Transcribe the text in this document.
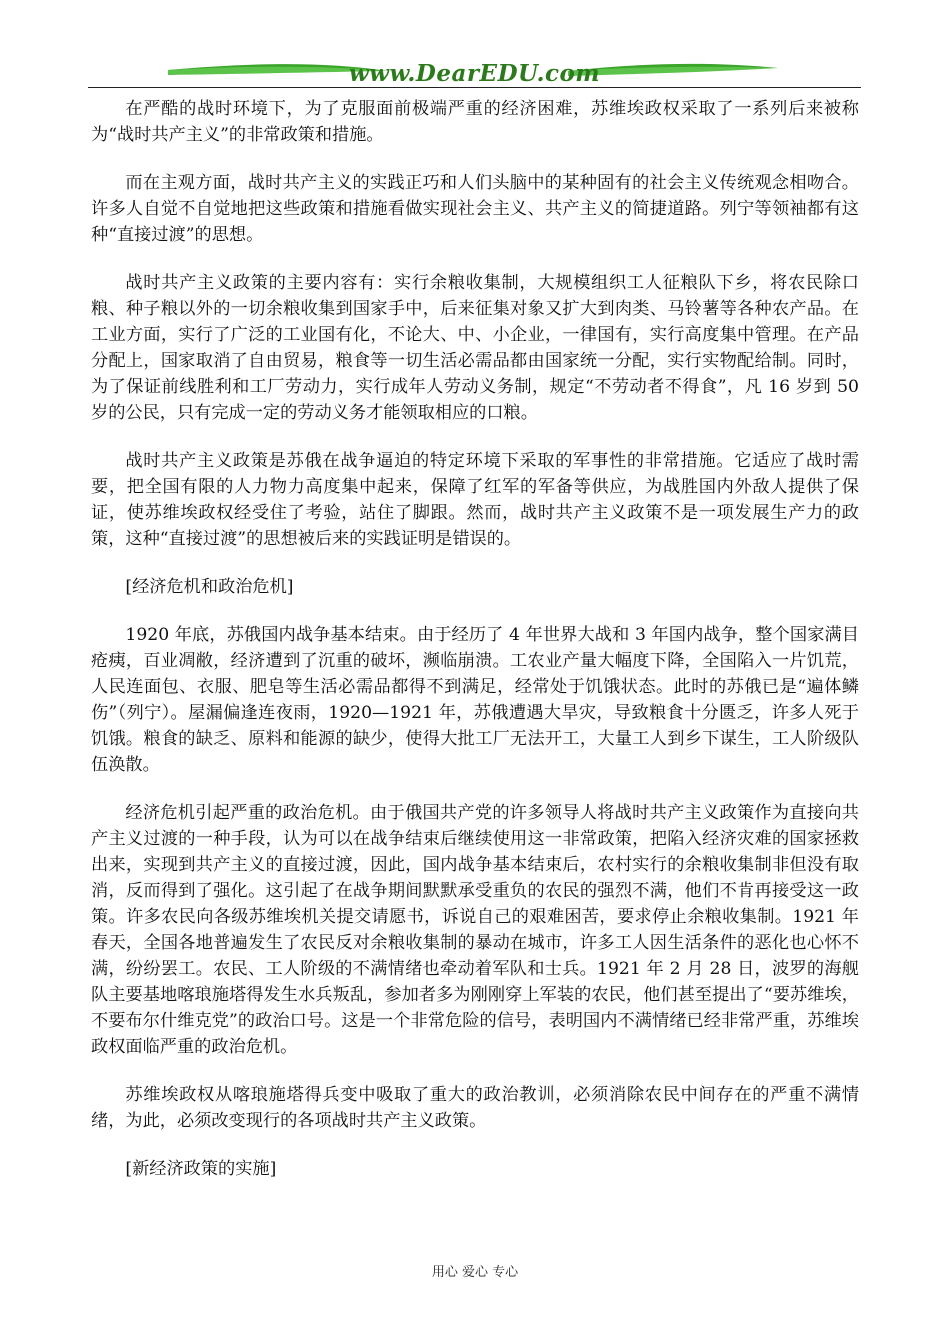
www.DearEDU.com

在严酷的战时环境下，为了克服面前极端严重的经济困难，苏维埃政权采取了一系列后来被称为“战时共产主义”的非常政策和措施。

而在主观方面，战时共产主义的实践正巧和人们头脑中的某种固有的社会主义传统观念相吻合。许多人自觉不自觉地把这些政策和措施看做实现社会主义、共产主义的简捷道路。列宁等领袖都有这种“直接过渡”的思想。

战时共产主义政策的主要内容有：实行余粮收集制，大规模组织工人征粮队下乡，将农民除口粮、种子粮以外的一切余粮收集到国家手中，后来征集对象又扩大到肉类、马铃薯等各种农产品。在工业方面，实行了广泛的工业国有化，不论大、中、小企业，一律国有，实行高度集中管理。在产品分配上，国家取消了自由贸易，粮食等一切生活必需品都由国家统一分配，实行实物配给制。同时，为了保证前线胜利和工厂劳动力，实行成年人劳动义务制，规定“不劳动者不得食”，凡 16 岁到 50 岁的公民，只有完成一定的劳动义务才能领取相应的口粮。

战时共产主义政策是苏俄在战争逼迫的特定环境下采取的军事性的非常措施。它适应了战时需要，把全国有限的人力物力高度集中起来，保障了红军的军备等供应，为战胜国内外敌人提供了保证，使苏维埃政权经受住了考验，站住了脚跟。然而，战时共产主义政策不是一项发展生产力的政策，这种“直接过渡”的思想被后来的实践证明是错误的。

[经济危机和政治危机]

1920 年底，苏俄国内战争基本结束。由于经历了 4 年世界大战和 3 年国内战争，整个国家满目疮痍，百业凋敝，经济遭到了沉重的破坏，濒临崩溃。工农业产量大幅度下降，全国陷入一片饥荒，人民连面包、衣服、肥皂等生活必需品都得不到满足，经常处于饥饿状态。此时的苏俄已是“遍体鳞伤”（列宁）。屋漏偏逢连夜雨，1920—1921 年，苏俄遭遇大旱灾，导致粮食十分匮乏，许多人死于饥饿。粮食的缺乏、原料和能源的缺少，使得大批工厂无法开工，大量工人到乡下谋生，工人阶级队伍涣散。

经济危机引起严重的政治危机。由于俄国共产党的许多领导人将战时共产主义政策作为直接向共产主义过渡的一种手段，认为可以在战争结束后继续使用这一非常政策，把陷入经济灾难的国家拯救出来，实现到共产主义的直接过渡，因此，国内战争基本结束后，农村实行的余粮收集制非但没有取消，反而得到了强化。这引起了在战争期间默默承受重负的农民的强烈不满，他们不肯再接受这一政策。许多农民向各级苏维埃机关提交请愿书，诉说自己的艰难困苦，要求停止余粮收集制。1921 年春天，全国各地普遍发生了农民反对余粮收集制的暴动在城市，许多工人因生活条件的恶化也心怀不满，纷纷罢工。农民、工人阶级的不满情绪也牵动着军队和士兵。1921 年 2 月 28 日，波罗的海舰队主要基地喀琅施塔得发生水兵叛乱，参加者多为刚刚穿上军装的农民，他们甚至提出了“要苏维埃，不要布尔什维克党”的政治口号。这是一个非常危险的信号，表明国内不满情绪已经非常严重，苏维埃政权面临严重的政治危机。

苏维埃政权从喀琅施塔得兵变中吸取了重大的政治教训，必须消除农民中间存在的严重不满情绪，为此，必须改变现行的各项战时共产主义政策。

[新经济政策的实施]

用心 爱心 专心
